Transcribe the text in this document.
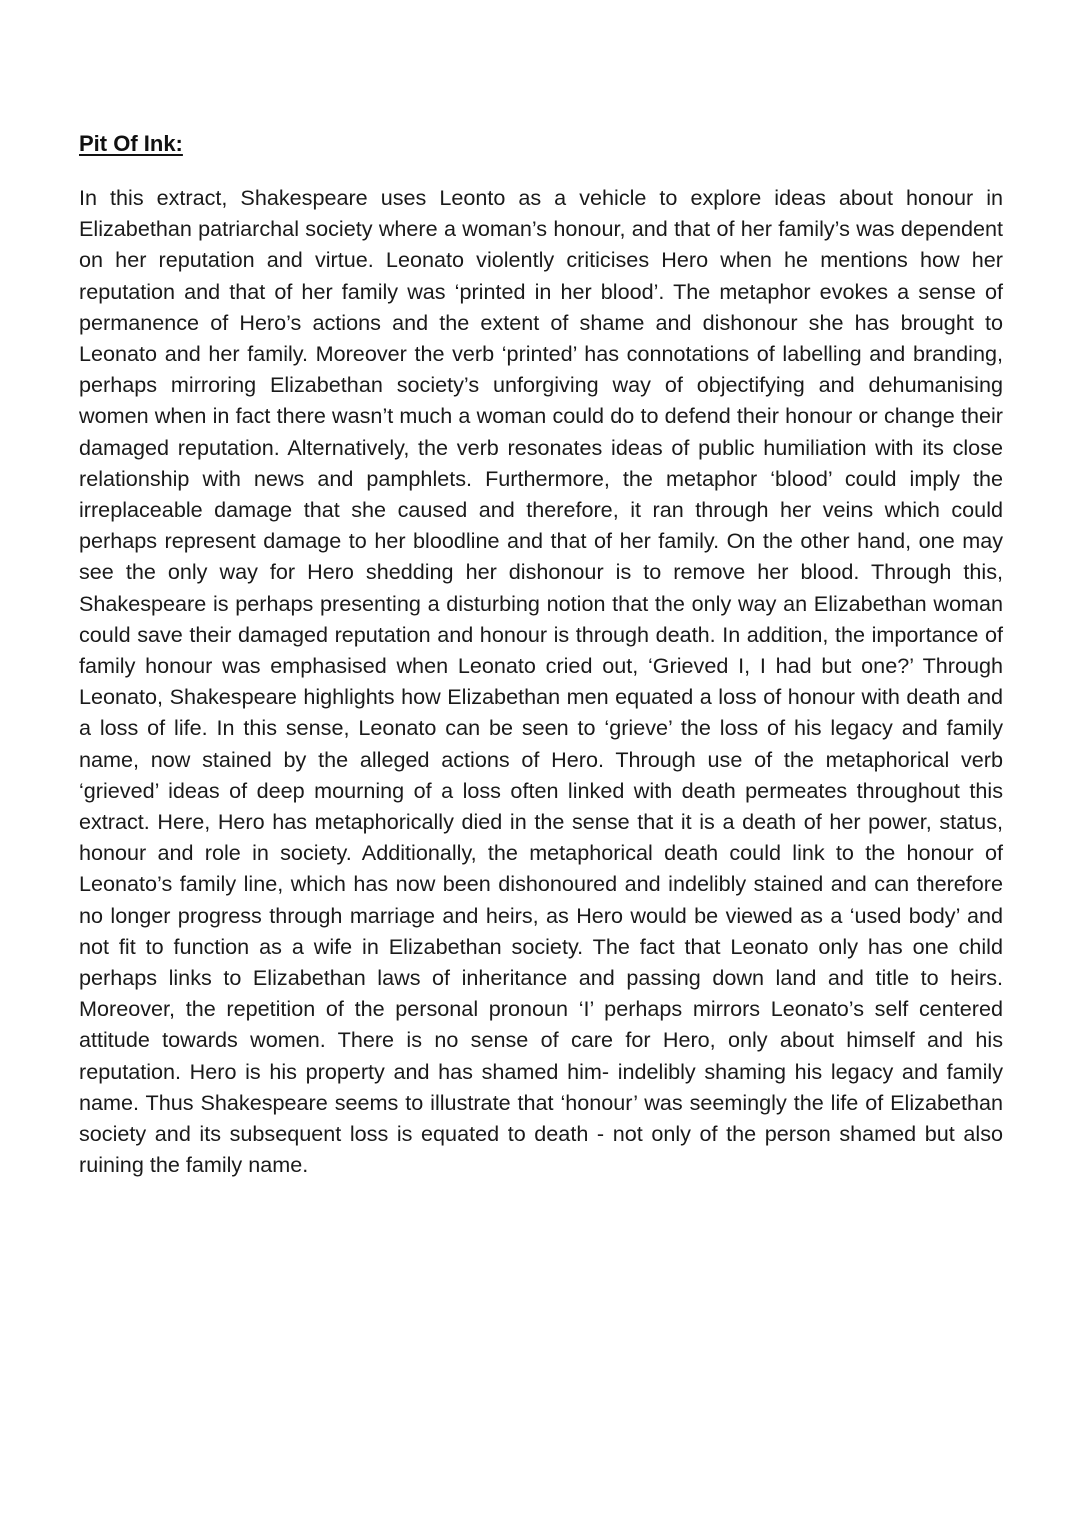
Pit Of Ink:

In this extract, Shakespeare uses Leonto as a vehicle to explore ideas about honour in Elizabethan patriarchal society where a woman’s honour, and that of her family’s was dependent on her reputation and virtue. Leonato violently criticises Hero when he mentions how her reputation and that of her family was ‘printed in her blood’. The metaphor evokes a sense of permanence of Hero’s actions and the extent of shame and dishonour she has brought to Leonato and her family. Moreover the verb ‘printed’ has connotations of labelling and branding, perhaps mirroring Elizabethan society’s unforgiving way of objectifying and dehumanising women when in fact there wasn’t much a woman could do to defend their honour or change their damaged reputation. Alternatively, the verb resonates ideas of public humiliation with its close relationship with news and pamphlets. Furthermore, the metaphor ‘blood’ could imply the irreplaceable damage that she caused and therefore, it ran through her veins which could perhaps represent damage to her bloodline and that of her family. On the other hand, one may see the only way for Hero shedding her dishonour is to remove her blood. Through this, Shakespeare is perhaps presenting a disturbing notion that the only way an Elizabethan woman could save their damaged reputation and honour is through death. In addition, the importance of family honour was emphasised when Leonato cried out, ‘Grieved I, I had but one?’ Through Leonato, Shakespeare highlights how Elizabethan men equated a loss of honour with death and a loss of life. In this sense, Leonato can be seen to ‘grieve’ the loss of his legacy and family name, now stained by the alleged actions of Hero. Through use of the metaphorical verb ‘grieved’ ideas of deep mourning of a loss often linked with death permeates throughout this extract. Here, Hero has metaphorically died in the sense that it is a death of her power, status, honour and role in society. Additionally, the metaphorical death could link to the honour of Leonato’s family line, which has now been dishonoured and indelibly stained and can therefore no longer progress through marriage and heirs, as Hero would be viewed as a ‘used body’ and not fit to function as a wife in Elizabethan society. The fact that Leonato only has one child perhaps links to Elizabethan laws of inheritance and passing down land and title to heirs. Moreover, the repetition of the personal pronoun ‘I’ perhaps mirrors Leonato’s self centered attitude towards women. There is no sense of care for Hero, only about himself and his reputation. Hero is his property and has shamed him- indelibly shaming his legacy and family name. Thus Shakespeare seems to illustrate that ‘honour’ was seemingly the life of Elizabethan society and its subsequent loss is equated to death - not only of the person shamed but also ruining the family name.
